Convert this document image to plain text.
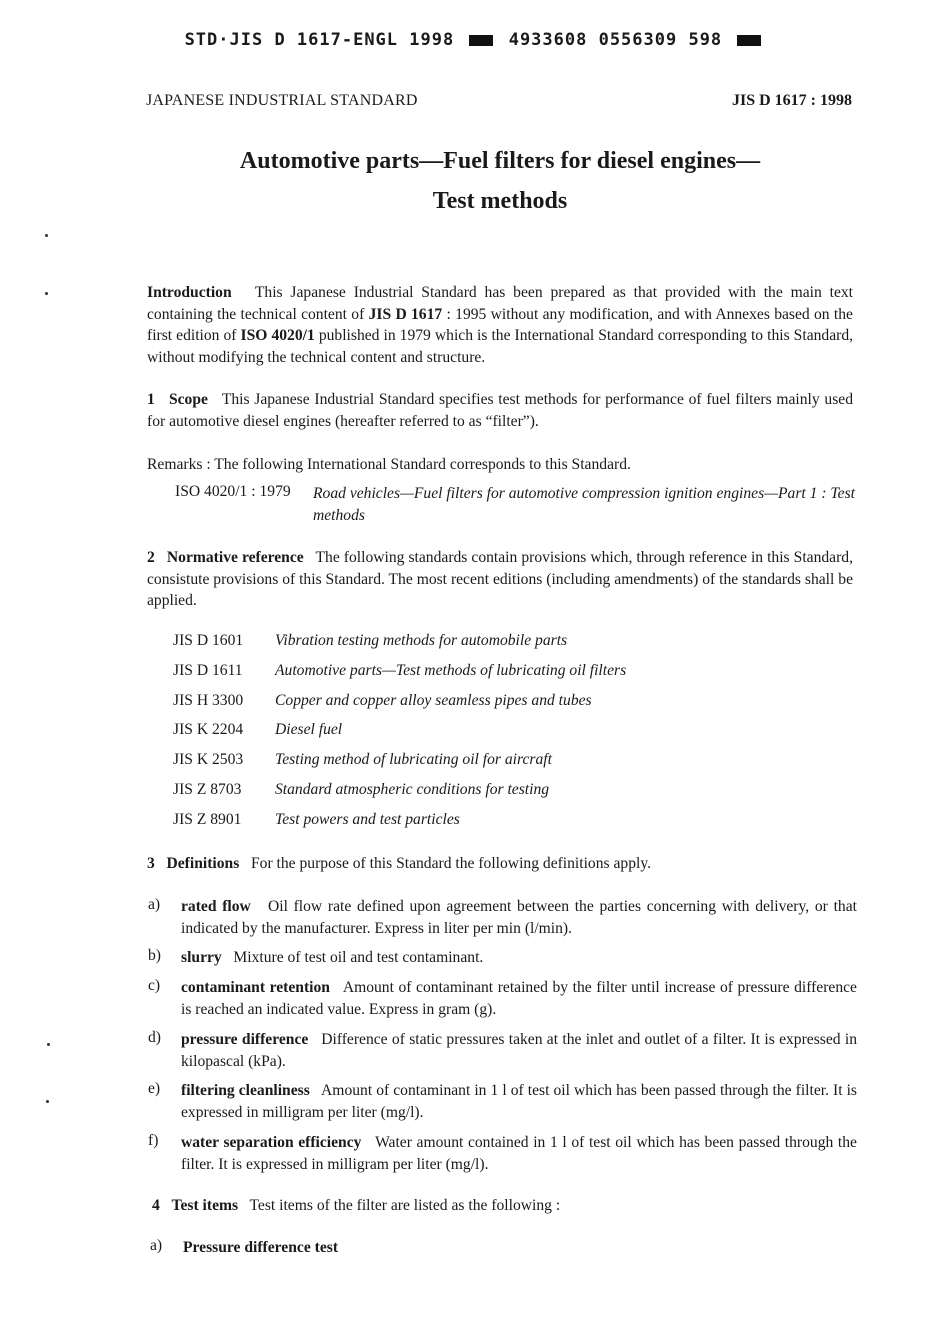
STD·JIS D 1617-ENGL 1998	4933608 0556309 598
JAPANESE INDUSTRIAL STANDARD	JIS D 1617 : 1998
Automotive parts—Fuel filters for diesel engines—
Test methods
Introduction This Japanese Industrial Standard has been prepared as that provided with the main text containing the technical content of JIS D 1617 : 1995 without any modification, and with Annexes based on the first edition of ISO 4020/1 published in 1979 which is the International Standard corresponding to this Standard, without modifying the technical content and structure.
1 Scope This Japanese Industrial Standard specifies test methods for performance of fuel filters mainly used for automotive diesel engines (hereafter referred to as “filter”).
Remarks : The following International Standard corresponds to this Standard.
ISO 4020/1 : 1979 Road vehicles—Fuel filters for automotive compression ignition engines—Part 1 : Test methods
2 Normative reference The following standards contain provisions which, through reference in this Standard, consistute provisions of this Standard. The most recent editions (including amendments) of the standards shall be applied.
JIS D 1601 Vibration testing methods for automobile parts
JIS D 1611 Automotive parts—Test methods of lubricating oil filters
JIS H 3300 Copper and copper alloy seamless pipes and tubes
JIS K 2204 Diesel fuel
JIS K 2503 Testing method of lubricating oil for aircraft
JIS Z 8703 Standard atmospheric conditions for testing
JIS Z 8901 Test powers and test particles
3 Definitions For the purpose of this Standard the following definitions apply.
a) rated flow Oil flow rate defined upon agreement between the parties concerning with delivery, or that indicated by the manufacturer. Express in liter per min (l/min).
b) slurry Mixture of test oil and test contaminant.
c) contaminant retention Amount of contaminant retained by the filter until increase of pressure difference is reached an indicated value. Express in gram (g).
d) pressure difference Difference of static pressures taken at the inlet and outlet of a filter. It is expressed in kilopascal (kPa).
e) filtering cleanliness Amount of contaminant in 1 l of test oil which has been passed through the filter. It is expressed in milligram per liter (mg/l).
f) water separation efficiency Water amount contained in 1 l of test oil which has been passed through the filter. It is expressed in milligram per liter (mg/l).
4 Test items Test items of the filter are listed as the following :
a) Pressure difference test
